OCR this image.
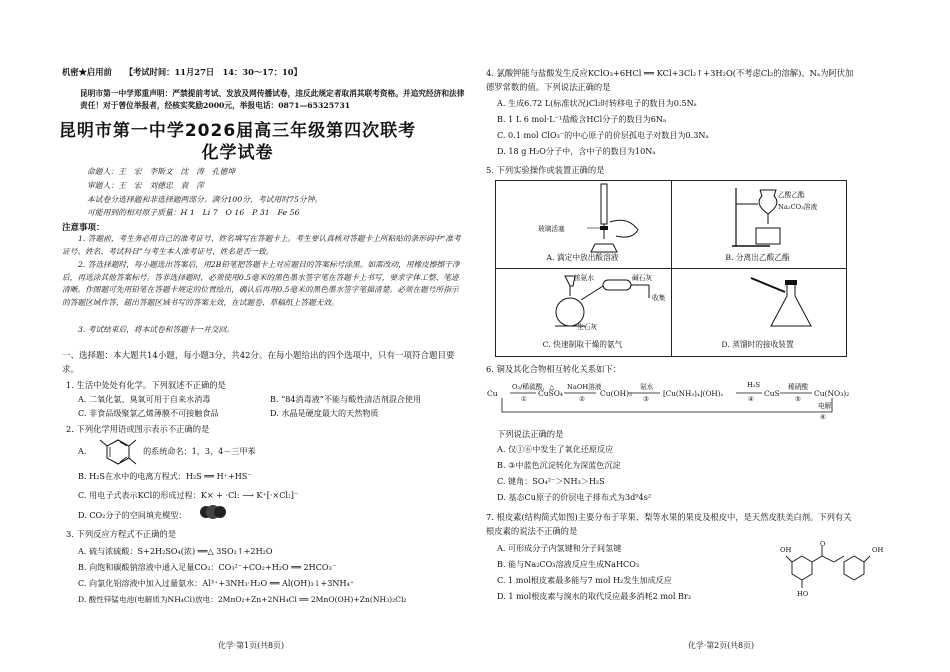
机密★启用前 【考试时间：11月27日　14：30～17：10】
昆明市第一中学郑重声明：严禁提前考试、发放及网传播试卷，违反此规定者取消其联考资格。并追究经济和法律责任！对于曾位举报者，经核实奖励2000元，举报电话：0871—65325731
昆明市第一中学2026届高三年级第四次联考
化学试卷
命题人：王　宏　李斯文　沈　涛　孔德坤
审题人：王　宏　刘德忠　袁　萍
本试卷分选择题和非选择题两部分。满分100分，考试用时75分钟。
可能用到的相对原子质量：H 1　Li 7　O 16　P 31　Fe 56
注意事项：
1. 答题前，考生务必用自己的准考证号、姓名填写在答题卡上。考生要认真核对答题卡上所粘贴的条形码中“准考证号、姓名、考试科目”与考生本人准考证号、姓名是否一致。
2. 答选择题时，每小题选出答案后，用2B铅笔把答题卡上对应题目的答案标号涂黑。如需改动，用橡皮擦擦干净后，再选涂其他答案标号。答非选择题时，必须使用0.5毫米的黑色墨水签字笔在答题卡上书写，要求字体工整、笔迹清晰。作图题可先用铅笔在答题卡规定的位置绘出，确认后再用0.5毫米的黑色墨水签字笔描清楚。必须在题号所指示的答题区域作答，超出答题区域书写的答案无效，在试题卷、草稿纸上答题无效。
3. 考试结束后，将本试卷和答题卡一并交回。
一、选择题：本大题共14小题，每小题3分，共42分。在每小题给出的四个选项中，只有一项符合题目要求。
1. 生活中处处有化学。下列叙述不正确的是
A. 二氧化氯、臭氧可用于自来水消毒	B. “84消毒液”不能与酸性清洁剂混合使用
C. 非食品级聚氯乙烯薄膜不可接触食品	D. 水晶是硬度最大的天然物质
2. 下列化学用语或图示表示不正确的是
A.　　　　　　　的系统命名：1，3，4－三甲苯
B. H₂S在水中的电离方程式：H₂S ══ H⁺+HS⁻
C. 用电子式表示KCl的形成过程：K× + ·Cl: ⟶ K⁺[·×Cl:]⁻
D. CO₂分子的空间填充模型：
3. 下列反应方程式不正确的是
A. 硫与浓硫酸：S+2H₂SO₄(浓) ══△ 3SO₂↑+2H₂O
B. 向饱和碳酸钠溶液中通入足量CO₂：CO₃²⁻+CO₂+H₂O ══ 2HCO₃⁻
C. 向氯化铝溶液中加入过量氨水：Al³⁺+3NH₃·H₂O ══ Al(OH)₃↓+3NH₄⁺
D. 酸性锌锰电池(电解质为NH₄Cl)放电：2MnO₂+Zn+2NH₄Cl ══ 2MnO(OH)+Zn(NH₃)₂Cl₂
化学·第1页(共8页)
4. 氯酸钾能与盐酸发生反应KClO₃+6HCl ══ KCl+3Cl₂↑+3H₂O(不考虑Cl₂的溶解)。Nₐ为阿伏加德罗常数的值。下列说法正确的是
A. 生成6.72 L(标准状况)Cl₂时转移电子的数目为0.5Nₐ
B. 1 L 6 mol·L⁻¹盐酸含HCl分子的数目为6Nₐ
C. 0.1 mol ClO₃⁻的中心原子的价层孤电子对数目为0.3Nₐ
D. 18 g H₂O分子中，含中子的数目为10Nₐ
5. 下列实验操作或装置正确的是
玻璃活塞
A. 滴定中放出酸溶液
乙酸乙酯
Na₂CO₃溶液
B. 分离出乙酸乙酯
浓氨水	碱石灰
收集
生石灰
C. 快速制取干燥的氨气	D. 蒸馏时的接收装置
6. 铜及其化合物相互转化关系如下：
Cu
O₂/稀硫酸，△
①
CuSO₄
NaOH溶液
②
Cu(OH)₂
氨水
③
[Cu(NH₃)₄](OH)₂
H₂S
④
CuS
稀硝酸
⑤
Cu(NO₃)₂
电解
⑥
下列说法正确的是
A. 仅①⑥中发生了氧化还原反应
B. ③中蓝色沉淀转化为深蓝色沉淀
C. 键角：SO₄²⁻＞NH₃＞H₂S
D. 基态Cu原子的价层电子排布式为3d⁹4s²
7. 根皮素(结构简式如图)主要分布于苹果、梨等水果的果皮及根皮中，是天然皮肤美白剂。下列有关根皮素的说法不正确的是
A. 可形成分子内氢键和分子间氢键
B. 能与Na₂CO₃溶液反应生成NaHCO₃
C. 1 mol根皮素最多能与7 mol H₂发生加成反应
D. 1 mol根皮素与溴水的取代反应最多消耗2 mol Br₂
OH
HO
O
OH
化学·第2页(共8页)
